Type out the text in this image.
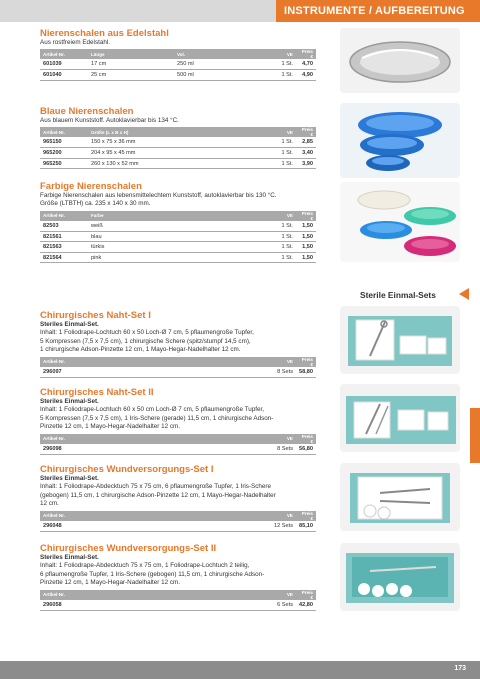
INSTRUMENTE / AUFBEREITUNG
Nierenschalen aus Edelstahl
Aus rostfreiem Edelstahl.
Artikel-Nr.	Länge	Vol.	VE	Preis €
601039	17 cm	250 ml	1 St.	4,70
601040	25 cm	500 ml	1 St.	4,90
Blaue Nierenschalen
Aus blauem Kunststoff. Autoklavierbar bis 134 °C.
Artikel-Nr.	Größe (L x B x H)		VE	Preis €
965150	150 x 75 x 36 mm		1 St.	2,85
965200	204 x 95 x 45 mm		1 St.	3,40
965250	260 x 130 x 52 mm		1 St.	3,90
Farbige Nierenschalen
Farbige Nierenschalen aus lebensmittelechtem Kunststoff, autoklavierbar bis 130 °C.
Größe (LTBTH) ca. 235 x 140 x 30 mm.
Artikel-Nr.	Farbe		VE	Preis €
82503	weiß		1 St.	1,50
821561	blau		1 St.	1,50
821563	türkis		1 St.	1,50
821564	pink		1 St.	1,50
Chirurgisches Naht-Set I
Steriles Einmal-Set.
Inhalt: 1 Foliodrape-Lochtuch 60 x 50 Loch-Ø 7 cm, 5 pflaumengroße Tupfer,
5 Kompressen (7,5 x 7,5 cm), 1 chirurgische Schere (spitz/stumpf 14,5 cm),
1 chirurgische Adson-Pinzette 12 cm, 1 Mayo-Hegar-Nadelhalter 12 cm.
Artikel-Nr.			VE	Preis €
296097			8 Sets	58,80
Chirurgisches Naht-Set II
Steriles Einmal-Set.
Inhalt: 1 Foliodrape-Lochtuch 60 x 50 cm Loch-Ø 7 cm, 5 pflaumengroße Tupfer,
5 Kompressen (7,5 x 7,5 cm), 1 Iris-Schere (gerade) 11,5 cm, 1 chirurgische Adson-
Pinzette 12 cm, 1 Mayo-Hegar-Nadelhalter 12 cm.
Artikel-Nr.			VE	Preis €
296098			8 Sets	56,80
Chirurgisches Wundversorgungs-Set I
Steriles Einmal-Set.
Inhalt: 1 Foliodrape-Abdecktuch 75 x 75 cm, 6 pflaumengroße Tupfer, 1 Iris-Schere
(gebogen) 11,5 cm, 1 chirurgische Adson-Pinzette 12 cm, 1 Mayo-Hegar-Nadelhalter
12 cm.
Artikel-Nr.			VE	Preis €
296048			12 Sets	85,10
Chirurgisches Wundversorgungs-Set II
Steriles Einmal-Set.
Inhalt: 1 Foliodrape-Abdecktuch 75 x 75 cm, 1 Foliodrape-Lochtuch 2 teilig,
6 pflaumengroße Tupfer, 1 Iris-Schere (gebogen) 11,5 cm, 1 chirurgische Adson-
Pinzette 12 cm, 1 Mayo-Hegar-Nadelhalter 12 cm.
Artikel-Nr.			VE	Preis €
296058			6 Sets	42,80
Sterile Einmal-Sets
173
